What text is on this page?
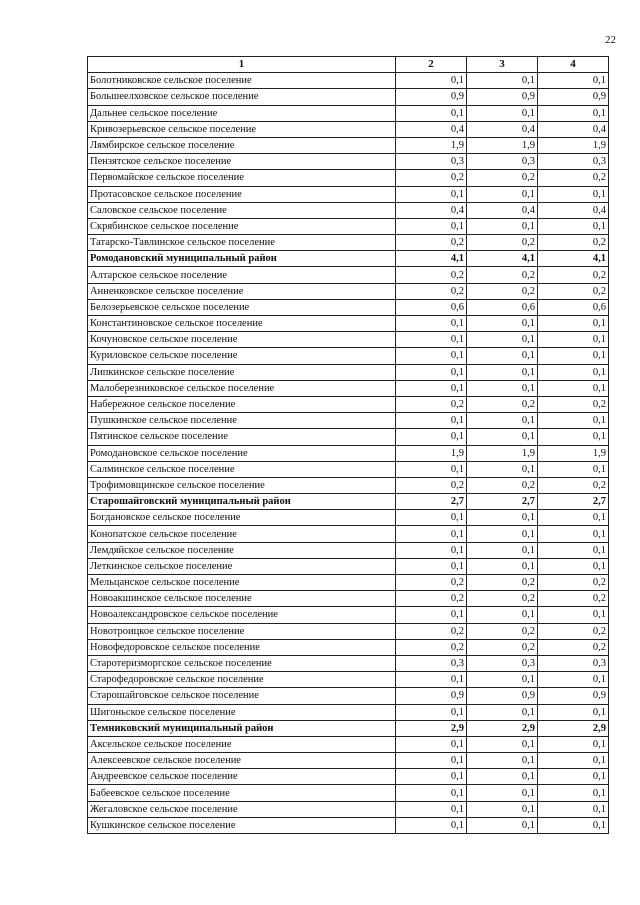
22
1	2	3	4
Болотниковское сельское поселение	0,1	0,1	0,1
Большеелховское сельское поселение	0,9	0,9	0,9
Дальнее сельское поселение	0,1	0,1	0,1
Кривозерьевское сельское поселение	0,4	0,4	0,4
Лямбирское сельское поселение	1,9	1,9	1,9
Пензятское сельское поселение	0,3	0,3	0,3
Первомайское сельское поселение	0,2	0,2	0,2
Протасовское сельское поселение	0,1	0,1	0,1
Саловское сельское поселение	0,4	0,4	0,4
Скрябинское сельское поселение	0,1	0,1	0,1
Татарско-Тавлинское сельское поселение	0,2	0,2	0,2
Ромодановский муниципальный район	4,1	4,1	4,1
Алтарское сельское поселение	0,2	0,2	0,2
Анненковское сельское поселение	0,2	0,2	0,2
Белозерьевское сельское поселение	0,6	0,6	0,6
Константиновское сельское поселение	0,1	0,1	0,1
Кочуновское сельское поселение	0,1	0,1	0,1
Куриловское сельское поселение	0,1	0,1	0,1
Липкинское сельское поселение	0,1	0,1	0,1
Малоберезниковское сельское поселение	0,1	0,1	0,1
Набережное сельское поселение	0,2	0,2	0,2
Пушкинское сельское поселение	0,1	0,1	0,1
Пятинское сельское поселение	0,1	0,1	0,1
Ромодановское сельское поселение	1,9	1,9	1,9
Салминское сельское поселение	0,1	0,1	0,1
Трофимовщинское сельское поселение	0,2	0,2	0,2
Старошайговский муниципальный район	2,7	2,7	2,7
Богдановское сельское поселение	0,1	0,1	0,1
Конопатское сельское поселение	0,1	0,1	0,1
Лемдяйское сельское поселение	0,1	0,1	0,1
Леткинское сельское поселение	0,1	0,1	0,1
Мельцанское сельское поселение	0,2	0,2	0,2
Новоакшинское сельское поселение	0,2	0,2	0,2
Новоалександровское сельское поселение	0,1	0,1	0,1
Новотроицкое сельское поселение	0,2	0,2	0,2
Новофедоровское сельское поселение	0,2	0,2	0,2
Старотеризморгское сельское поселение	0,3	0,3	0,3
Старофедоровское сельское поселение	0,1	0,1	0,1
Старошайговское сельское поселение	0,9	0,9	0,9
Шигоньское сельское поселение	0,1	0,1	0,1
Темниковский муниципальный район	2,9	2,9	2,9
Аксельское сельское поселение	0,1	0,1	0,1
Алексеевское сельское поселение	0,1	0,1	0,1
Андреевское сельское поселение	0,1	0,1	0,1
Бабеевское сельское поселение	0,1	0,1	0,1
Жегаловское сельское поселение	0,1	0,1	0,1
Кушкинское сельское поселение	0,1	0,1	0,1
